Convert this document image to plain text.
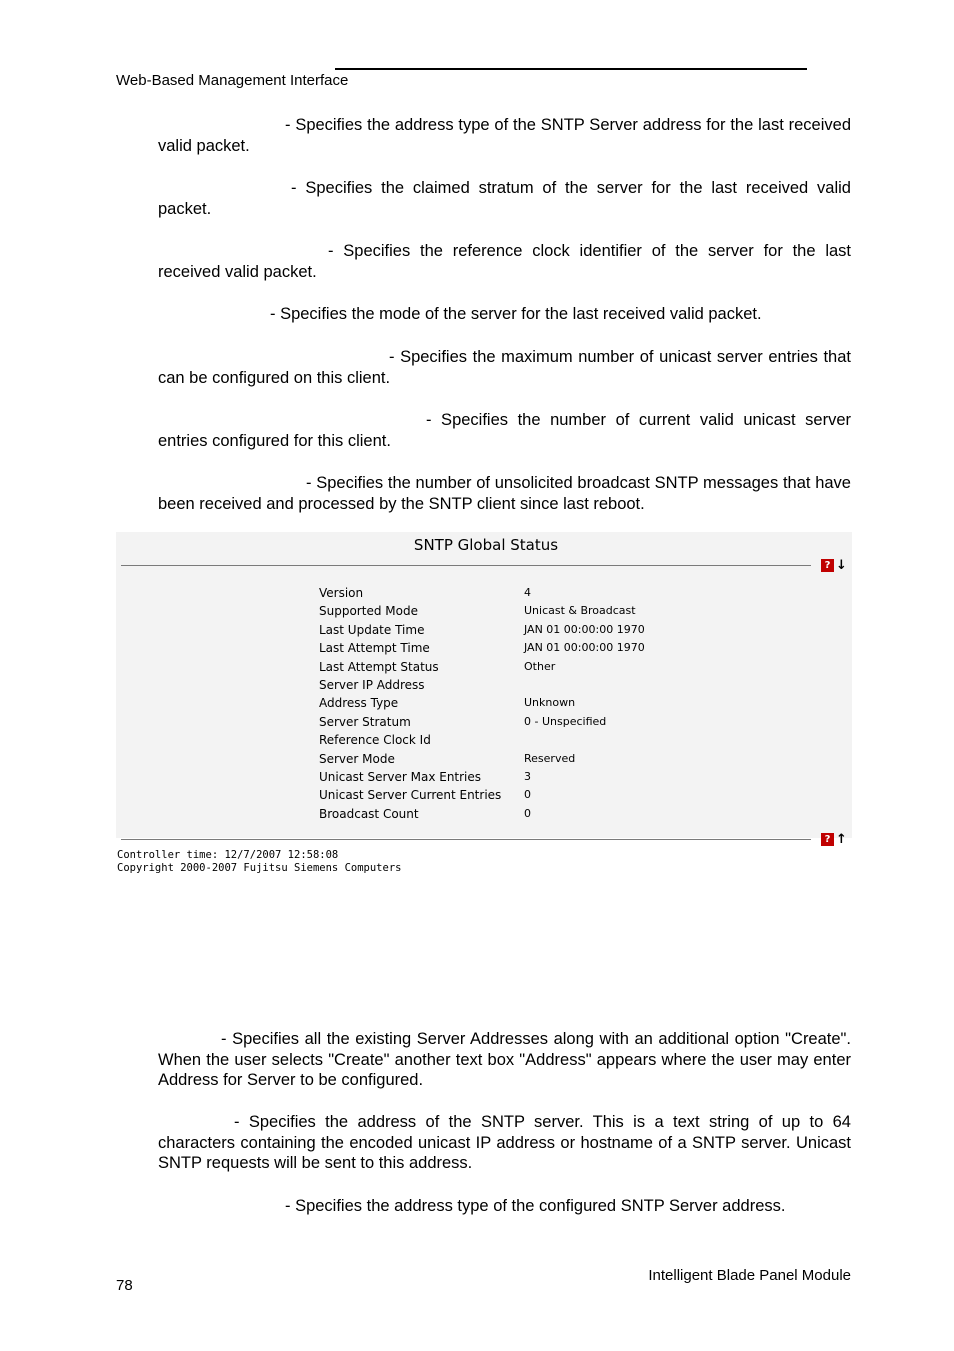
Web-Based Management Interface

- Specifies the address type of the SNTP Server address for the last received valid packet.

- Specifies the claimed stratum of the server for the last received valid packet.

- Specifies the reference clock identifier of the server for the last received valid packet.

- Specifies the mode of the server for the last received valid packet.

- Specifies the maximum number of unicast server entries that can be configured on this client.

- Specifies the number of current valid unicast server entries configured for this client.

- Specifies the number of unsolicited broadcast SNTP messages that have been received and processed by the SNTP client since last reboot.

SNTP Global Status
? ↓
Version	4
Supported Mode	Unicast & Broadcast
Last Update Time	JAN 01 00:00:00 1970
Last Attempt Time	JAN 01 00:00:00 1970
Last Attempt Status	Other
Server IP Address
Address Type	Unknown
Server Stratum	0 - Unspecified
Reference Clock Id
Server Mode	Reserved
Unicast Server Max Entries	3
Unicast Server Current Entries 0
Broadcast Count	0
? ↑
Controller time: 12/7/2007 12:58:08
Copyright 2000-2007 Fujitsu Siemens Computers

- Specifies all the existing Server Addresses along with an additional option "Create". When the user selects "Create" another text box "Address" appears where the user may enter Address for Server to be configured.

- Specifies the address of the SNTP server. This is a text string of up to 64 characters containing the encoded unicast IP address or hostname of a SNTP server. Unicast SNTP requests will be sent to this address.

- Specifies the address type of the configured SNTP Server address.

78
Intelligent Blade Panel Module
